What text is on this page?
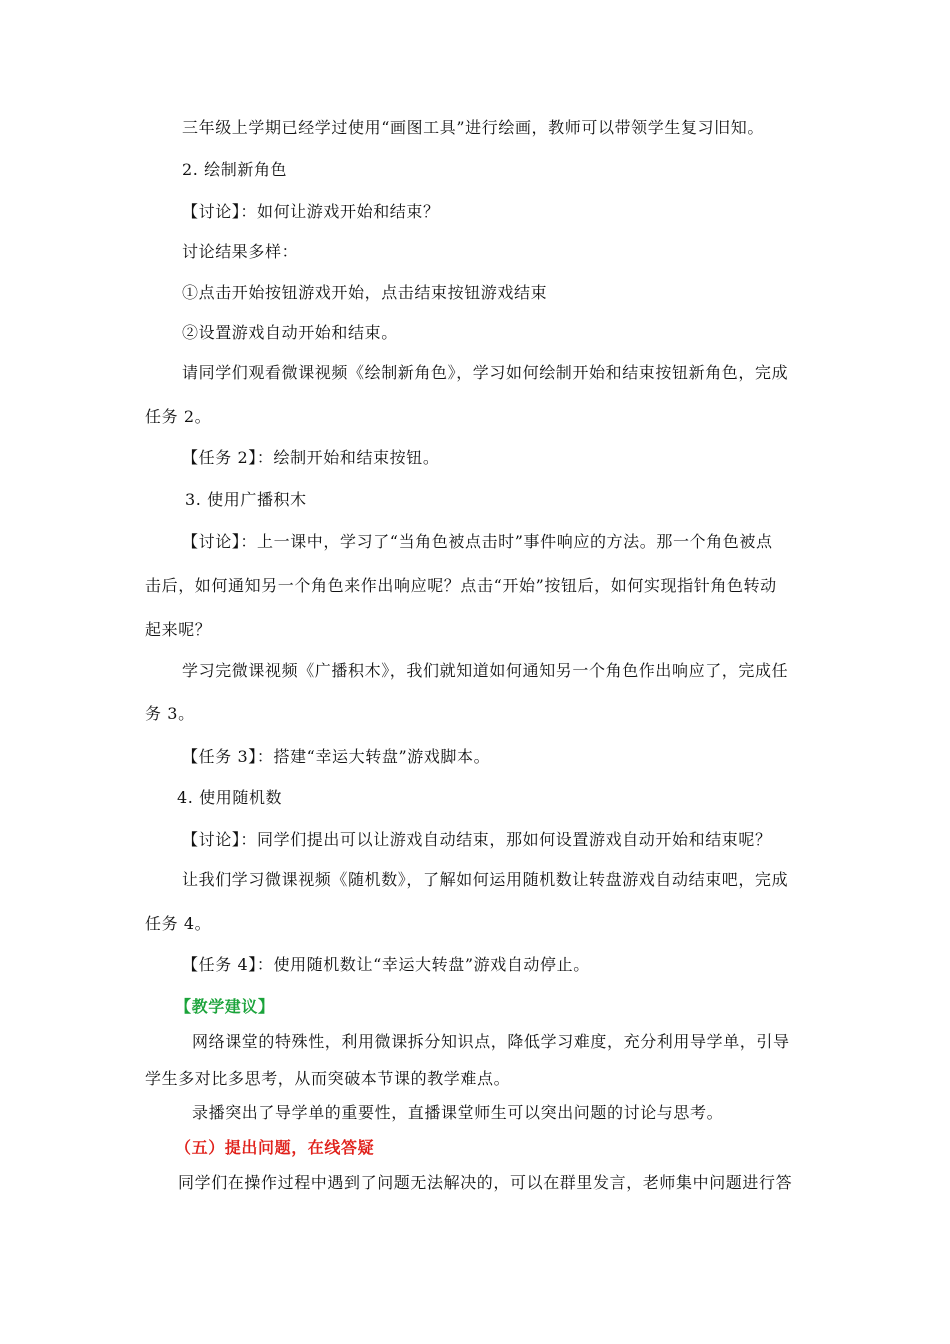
三年级上学期已经学过使用“画图工具”进行绘画，教师可以带领学生复习旧知。
2. 绘制新角色
【讨论】：如何让游戏开始和结束？
讨论结果多样：
①点击开始按钮游戏开始，点击结束按钮游戏结束
②设置游戏自动开始和结束。
请同学们观看微课视频《绘制新角色》，学习如何绘制开始和结束按钮新角色，完成
任务 2。
【任务 2】：绘制开始和结束按钮。
3. 使用广播积木
【讨论】：上一课中，学习了“当角色被点击时”事件响应的方法。那一个角色被点
击后，如何通知另一个角色来作出响应呢？点击“开始”按钮后，如何实现指针角色转动
起来呢？
学习完微课视频《广播积木》，我们就知道如何通知另一个角色作出响应了，完成任
务 3。
【任务 3】：搭建“幸运大转盘”游戏脚本。
4. 使用随机数
【讨论】：同学们提出可以让游戏自动结束，那如何设置游戏自动开始和结束呢？
让我们学习微课视频《随机数》，了解如何运用随机数让转盘游戏自动结束吧，完成
任务 4。
【任务 4】：使用随机数让“幸运大转盘”游戏自动停止。
【教学建议】
网络课堂的特殊性，利用微课拆分知识点，降低学习难度，充分利用导学单，引导
学生多对比多思考，从而突破本节课的教学难点。
录播突出了导学单的重要性，直播课堂师生可以突出问题的讨论与思考。
（五）提出问题，在线答疑
同学们在操作过程中遇到了问题无法解决的，可以在群里发言，老师集中问题进行答
